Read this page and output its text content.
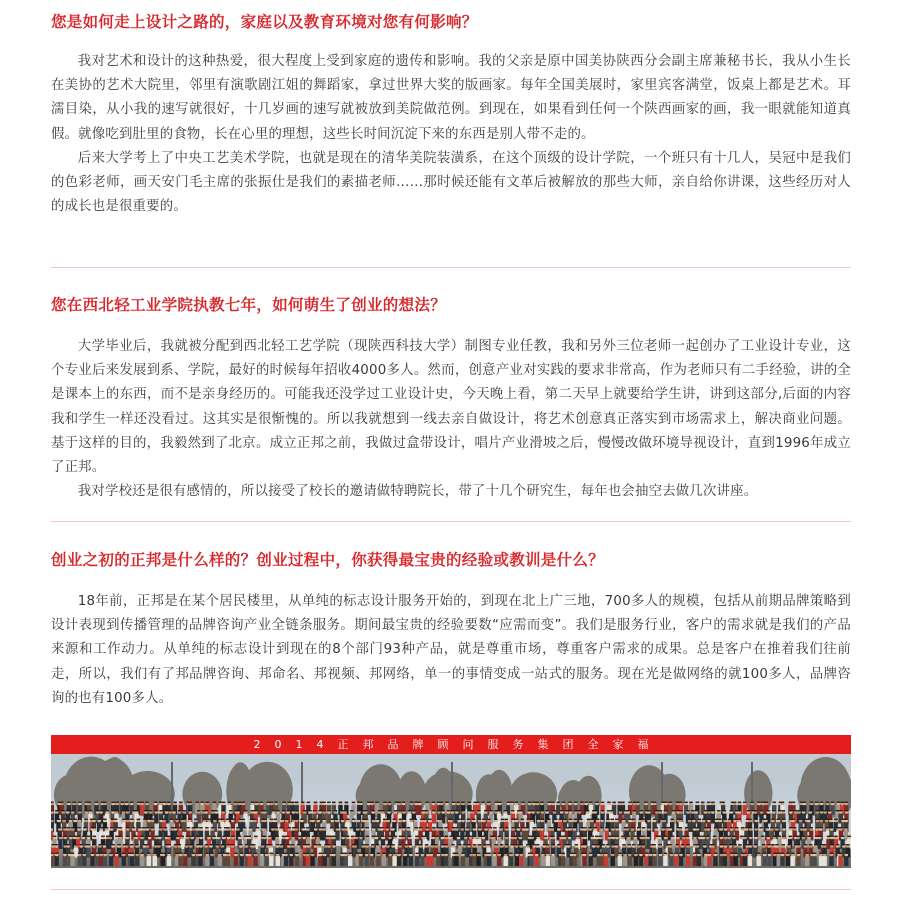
您是如何走上设计之路的，家庭以及教育环境对您有何影响？

我对艺术和设计的这种热爱，很大程度上受到家庭的遗传和影响。我的父亲是原中国美协陕西分会副主席兼秘书长，我从小生长在美协的艺术大院里，邻里有演歌剧江姐的舞蹈家，拿过世界大奖的版画家。每年全国美展时，家里宾客满堂，饭桌上都是艺术。耳濡目染，从小我的速写就很好，十几岁画的速写就被放到美院做范例。到现在，如果看到任何一个陕西画家的画，我一眼就能知道真假。就像吃到肚里的食物，长在心里的理想，这些长时间沉淀下来的东西是别人带不走的。

后来大学考上了中央工艺美术学院，也就是现在的清华美院装潢系，在这个顶级的设计学院，一个班只有十几人，吴冠中是我们的色彩老师，画天安门毛主席的张振仕是我们的素描老师……那时候还能有文革后被解放的那些大师，亲自给你讲课，这些经历对人的成长也是很重要的。

您在西北轻工业学院执教七年，如何萌生了创业的想法？

大学毕业后，我就被分配到西北轻工艺学院（现陕西科技大学）制图专业任教，我和另外三位老师一起创办了工业设计专业，这个专业后来发展到系、学院，最好的时候每年招收4000多人。然而，创意产业对实践的要求非常高，作为老师只有二手经验，讲的全是课本上的东西，而不是亲身经历的。可能我还没学过工业设计史，今天晚上看，第二天早上就要给学生讲，讲到这部分,后面的内容我和学生一样还没看过。这其实是很惭愧的。所以我就想到一线去亲自做设计，将艺术创意真正落实到市场需求上，解决商业问题。基于这样的目的，我毅然到了北京。成立正邦之前，我做过盒带设计，唱片产业滑坡之后，慢慢改做环境导视设计，直到1996年成立了正邦。

我对学校还是很有感情的，所以接受了校长的邀请做特聘院长，带了十几个研究生，每年也会抽空去做几次讲座。

创业之初的正邦是什么样的？创业过程中，你获得最宝贵的经验或教训是什么？

18年前，正邦是在某个居民楼里，从单纯的标志设计服务开始的，到现在北上广三地，700多人的规模，包括从前期品牌策略到设计表现到传播管理的品牌咨询产业全链条服务。期间最宝贵的经验要数“应需而变”。我们是服务行业，客户的需求就是我们的产品来源和工作动力。从单纯的标志设计到现在的8个部门93种产品，就是尊重市场，尊重客户需求的成果。总是客户在推着我们往前走，所以，我们有了邦品牌咨询、邦命名、邦视频、邦网络，单一的事情变成一站式的服务。现在光是做网络的就100多人，品牌咨询的也有100多人。

2014正邦品牌顾问服务集团全家福
